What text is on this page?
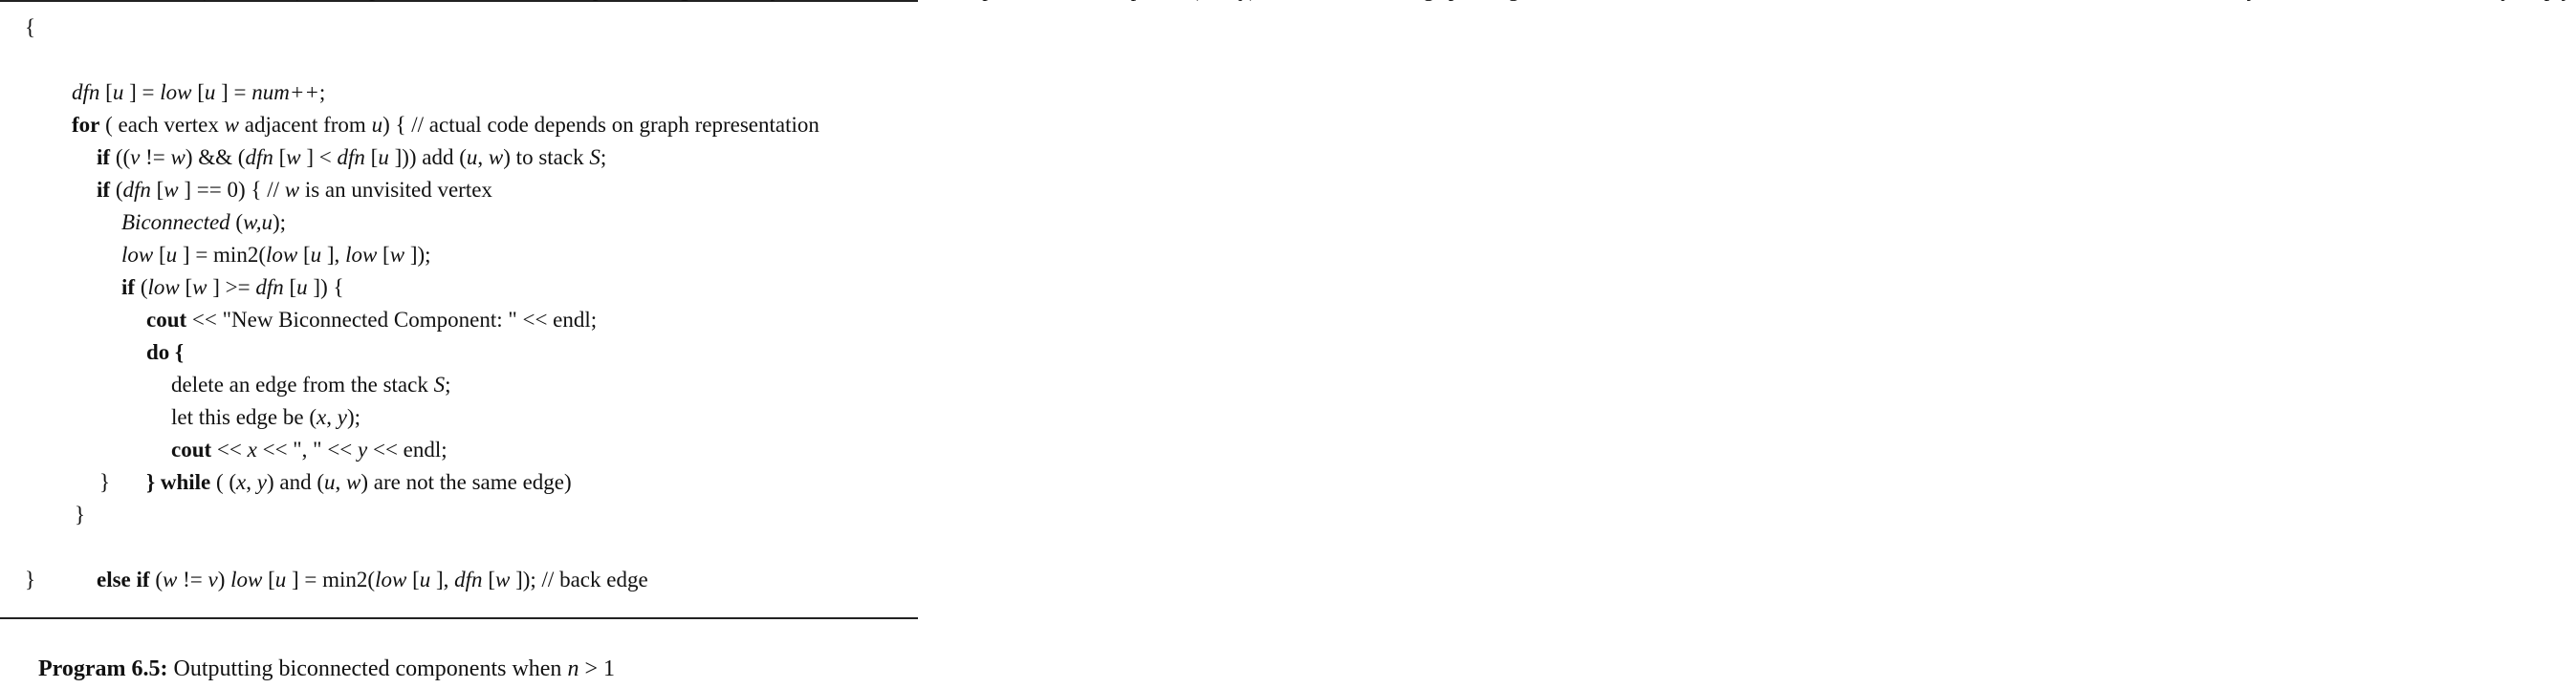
{

dfn [u ] = low [u ] = num++;

for ( each vertex w adjacent from u) { // actual code depends on graph representation

if ((v != w) && (dfn [w ] < dfn [u ])) add (u, w) to stack S;

if (dfn [w ] == 0) { // w is an unvisited vertex

Biconnected (w,u);

low [u ] = min2(low [u ], low [w ]);

if (low [w ] >= dfn [u ]) {

cout << "New Biconnected Component: " << endl;

do {

delete an edge from the stack S;

let this edge be (x, y);

cout << x << ", " << y << endl;

} while ( (x, y) and (u, w) are not the same edge)

}
}

else if (w != v) low [u ] = min2(low [u ], dfn [w ]); // back edge

}

Program 6.5: Outputting biconnected components when n > 1
